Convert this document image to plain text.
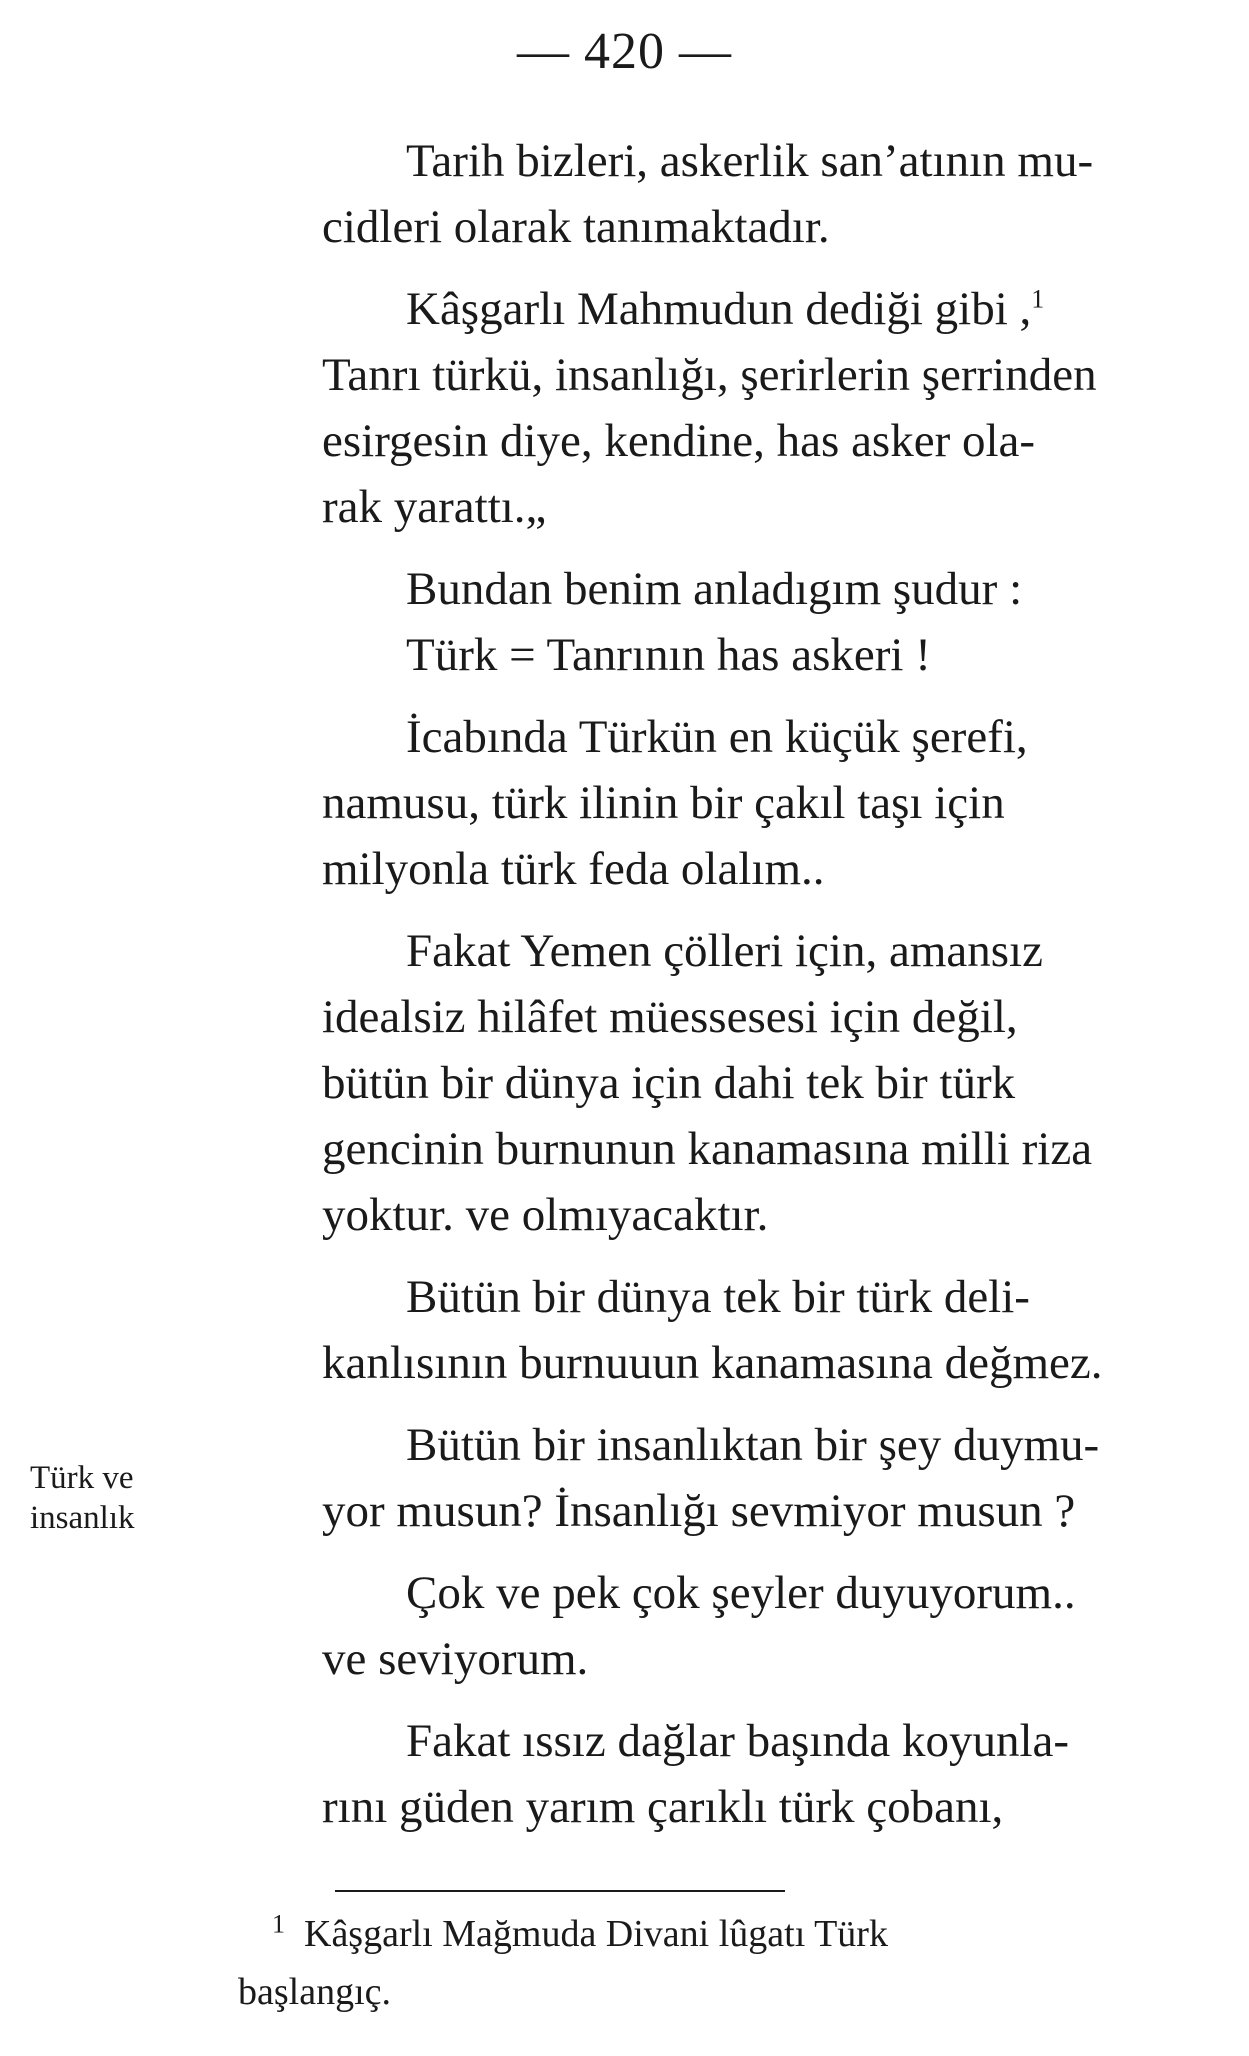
— 420 —
Türk ve
insanlık
Tarih bizleri, askerlik san’atının mu-
cidleri olarak tanımaktadır.
Kâşgarlı Mahmudun dediği gibi ,$^1$
Tanrı türkü, insanlığı, şerirlerin şerrinden
esirgesin diye, kendine, has asker ola-
rak yarattı.„
Bundan benim anladıgım şudur :
Türk = Tanrının has askeri !
İcabında Türkün en küçük şerefi,
namusu, türk ilinin bir çakıl taşı için
milyonla türk feda olalım..
Fakat Yemen çölleri için, amansız
idealsiz hilâfet müessesesi için değil,
bütün bir dünya için dahi tek bir türk
gencinin burnunun kanamasına milli riza
yoktur. ve olmıyacaktır.
Bütün bir dünya tek bir türk deli-
kanlısının burnuuun kanamasına değmez.
Bütün bir insanlıktan bir şey duymu-
yor musun? İnsanlığı sevmiyor musun ?
Çok ve pek çok şeyler duyuyorum..
ve seviyorum.
Fakat ıssız dağlar başında koyunla-
rını güden yarım çarıklı türk çobanı,
$^1$ Kâşgarlı Mağmuda Divani lûgatı Türk
başlangıç.
